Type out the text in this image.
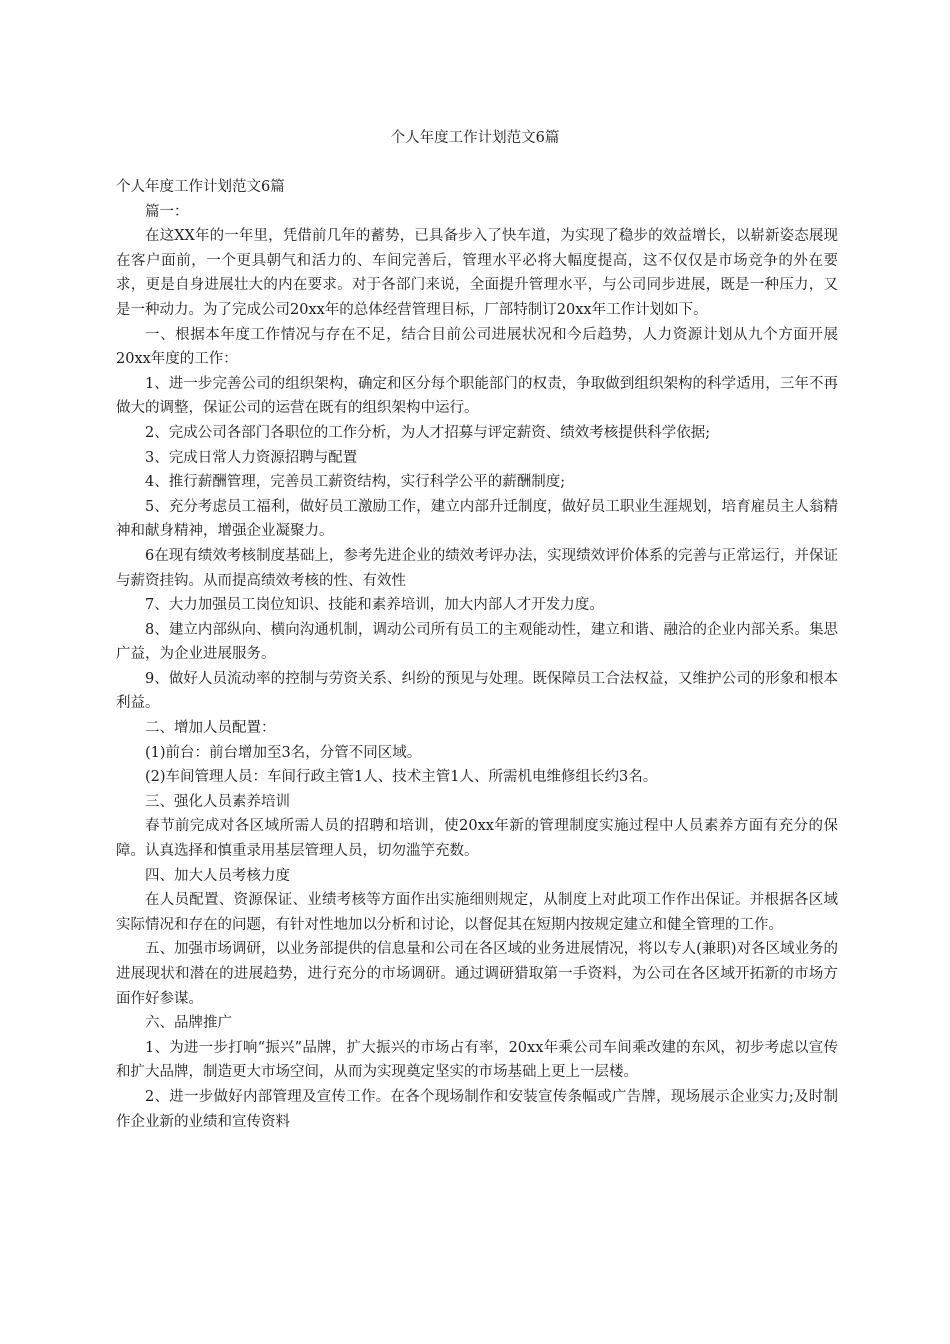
个人年度工作计划范文6篇

个人年度工作计划范文6篇

篇一：

在这XX年的一年里，凭借前几年的蓄势，已具备步入了快车道，为实现了稳步的效益增长，以崭新姿态展现在客户面前，一个更具朝气和活力的、车间完善后，管理水平必将大幅度提高，这不仅仅是市场竞争的外在要求，更是自身进展壮大的内在要求。对于各部门来说，全面提升管理水平，与公司同步进展，既是一种压力，又是一种动力。为了完成公司20xx年的总体经营管理目标，厂部特制订20xx年工作计划如下。

一、根据本年度工作情况与存在不足，结合目前公司进展状况和今后趋势，人力资源计划从九个方面开展20xx年度的工作：

1、进一步完善公司的组织架构，确定和区分每个职能部门的权责，争取做到组织架构的科学适用，三年不再做大的调整，保证公司的运营在既有的组织架构中运行。

2、完成公司各部门各职位的工作分析，为人才招募与评定薪资、绩效考核提供科学依据;

3、完成日常人力资源招聘与配置

4、推行薪酬管理，完善员工薪资结构，实行科学公平的薪酬制度;

5、充分考虑员工福利，做好员工激励工作，建立内部升迁制度，做好员工职业生涯规划，培育雇员主人翁精神和献身精神，增强企业凝聚力。

6在现有绩效考核制度基础上，参考先进企业的绩效考评办法，实现绩效评价体系的完善与正常运行，并保证与薪资挂钩。从而提高绩效考核的性、有效性

7、大力加强员工岗位知识、技能和素养培训，加大内部人才开发力度。

8、建立内部纵向、横向沟通机制，调动公司所有员工的主观能动性，建立和谐、融洽的企业内部关系。集思广益，为企业进展服务。

9、做好人员流动率的控制与劳资关系、纠纷的预见与处理。既保障员工合法权益，又维护公司的形象和根本利益。

二、增加人员配置：

(1)前台：前台增加至3名，分管不同区域。

(2)车间管理人员：车间行政主管1人、技术主管1人、所需机电维修组长约3名。

三、强化人员素养培训

春节前完成对各区域所需人员的招聘和培训，使20xx年新的管理制度实施过程中人员素养方面有充分的保障。认真选择和慎重录用基层管理人员，切勿滥竽充数。

四、加大人员考核力度

在人员配置、资源保证、业绩考核等方面作出实施细则规定，从制度上对此项工作作出保证。并根据各区域实际情况和存在的问题，有针对性地加以分析和讨论，以督促其在短期内按规定建立和健全管理的工作。

五、加强市场调研，以业务部提供的信息量和公司在各区域的业务进展情况，将以专人(兼职)对各区域业务的进展现状和潜在的进展趋势，进行充分的市场调研。通过调研猎取第一手资料，为公司在各区域开拓新的市场方面作好参谋。

六、品牌推广

1、为进一步打响“振兴”品牌，扩大振兴的市场占有率，20xx年乘公司车间乘改建的东风，初步考虑以宣传和扩大品牌，制造更大市场空间，从而为实现奠定坚实的市场基础上更上一层楼。

2、进一步做好内部管理及宣传工作。在各个现场制作和安装宣传条幅或广告牌，现场展示企业实力;及时制作企业新的业绩和宣传资料
